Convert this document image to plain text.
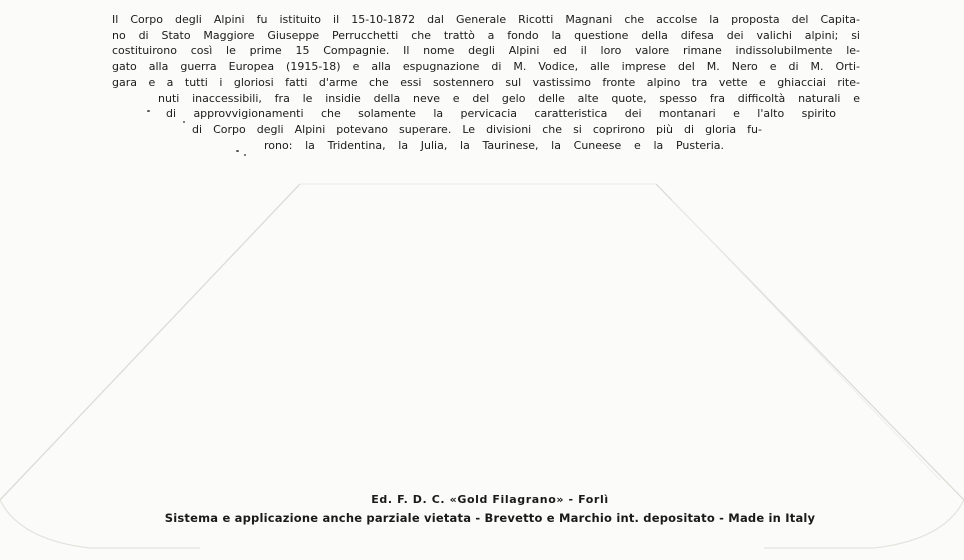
Il Corpo degli Alpini fu istituito il 15-10-1872 dal Generale Ricotti Magnani che accolse la proposta del Capita-
no di Stato Maggiore Giuseppe Perrucchetti che trattò a fondo la questione della difesa dei valichi alpini; si
costituirono così le prime 15 Compagnie. Il nome degli Alpini ed il loro valore rimane indissolubilmente le-
gato alla guerra Europea (1915-18) e alla espugnazione di M. Vodice, alle imprese del M. Nero e di M. Orti-
gara e a tutti i gloriosi fatti d'arme che essi sostennero sul vastissimo fronte alpino tra vette e ghiacciai rite-
nuti inaccessibili, fra le insidie della neve e del gelo delle alte quote, spesso fra difficoltà naturali e
di approvvigionamenti che solamente la pervicacia caratteristica dei montanari e l'alto spirito
di Corpo degli Alpini potevano superare. Le divisioni che si coprirono più di gloria fu-
rono: la Tridentina, la Julia, la Taurinese, la Cuneese e la Pusteria.
Ed. F. D. C. «Gold Filagrano» - Forlì
Sistema e applicazione anche parziale vietata - Brevetto e Marchio int. depositato - Made in Italy
